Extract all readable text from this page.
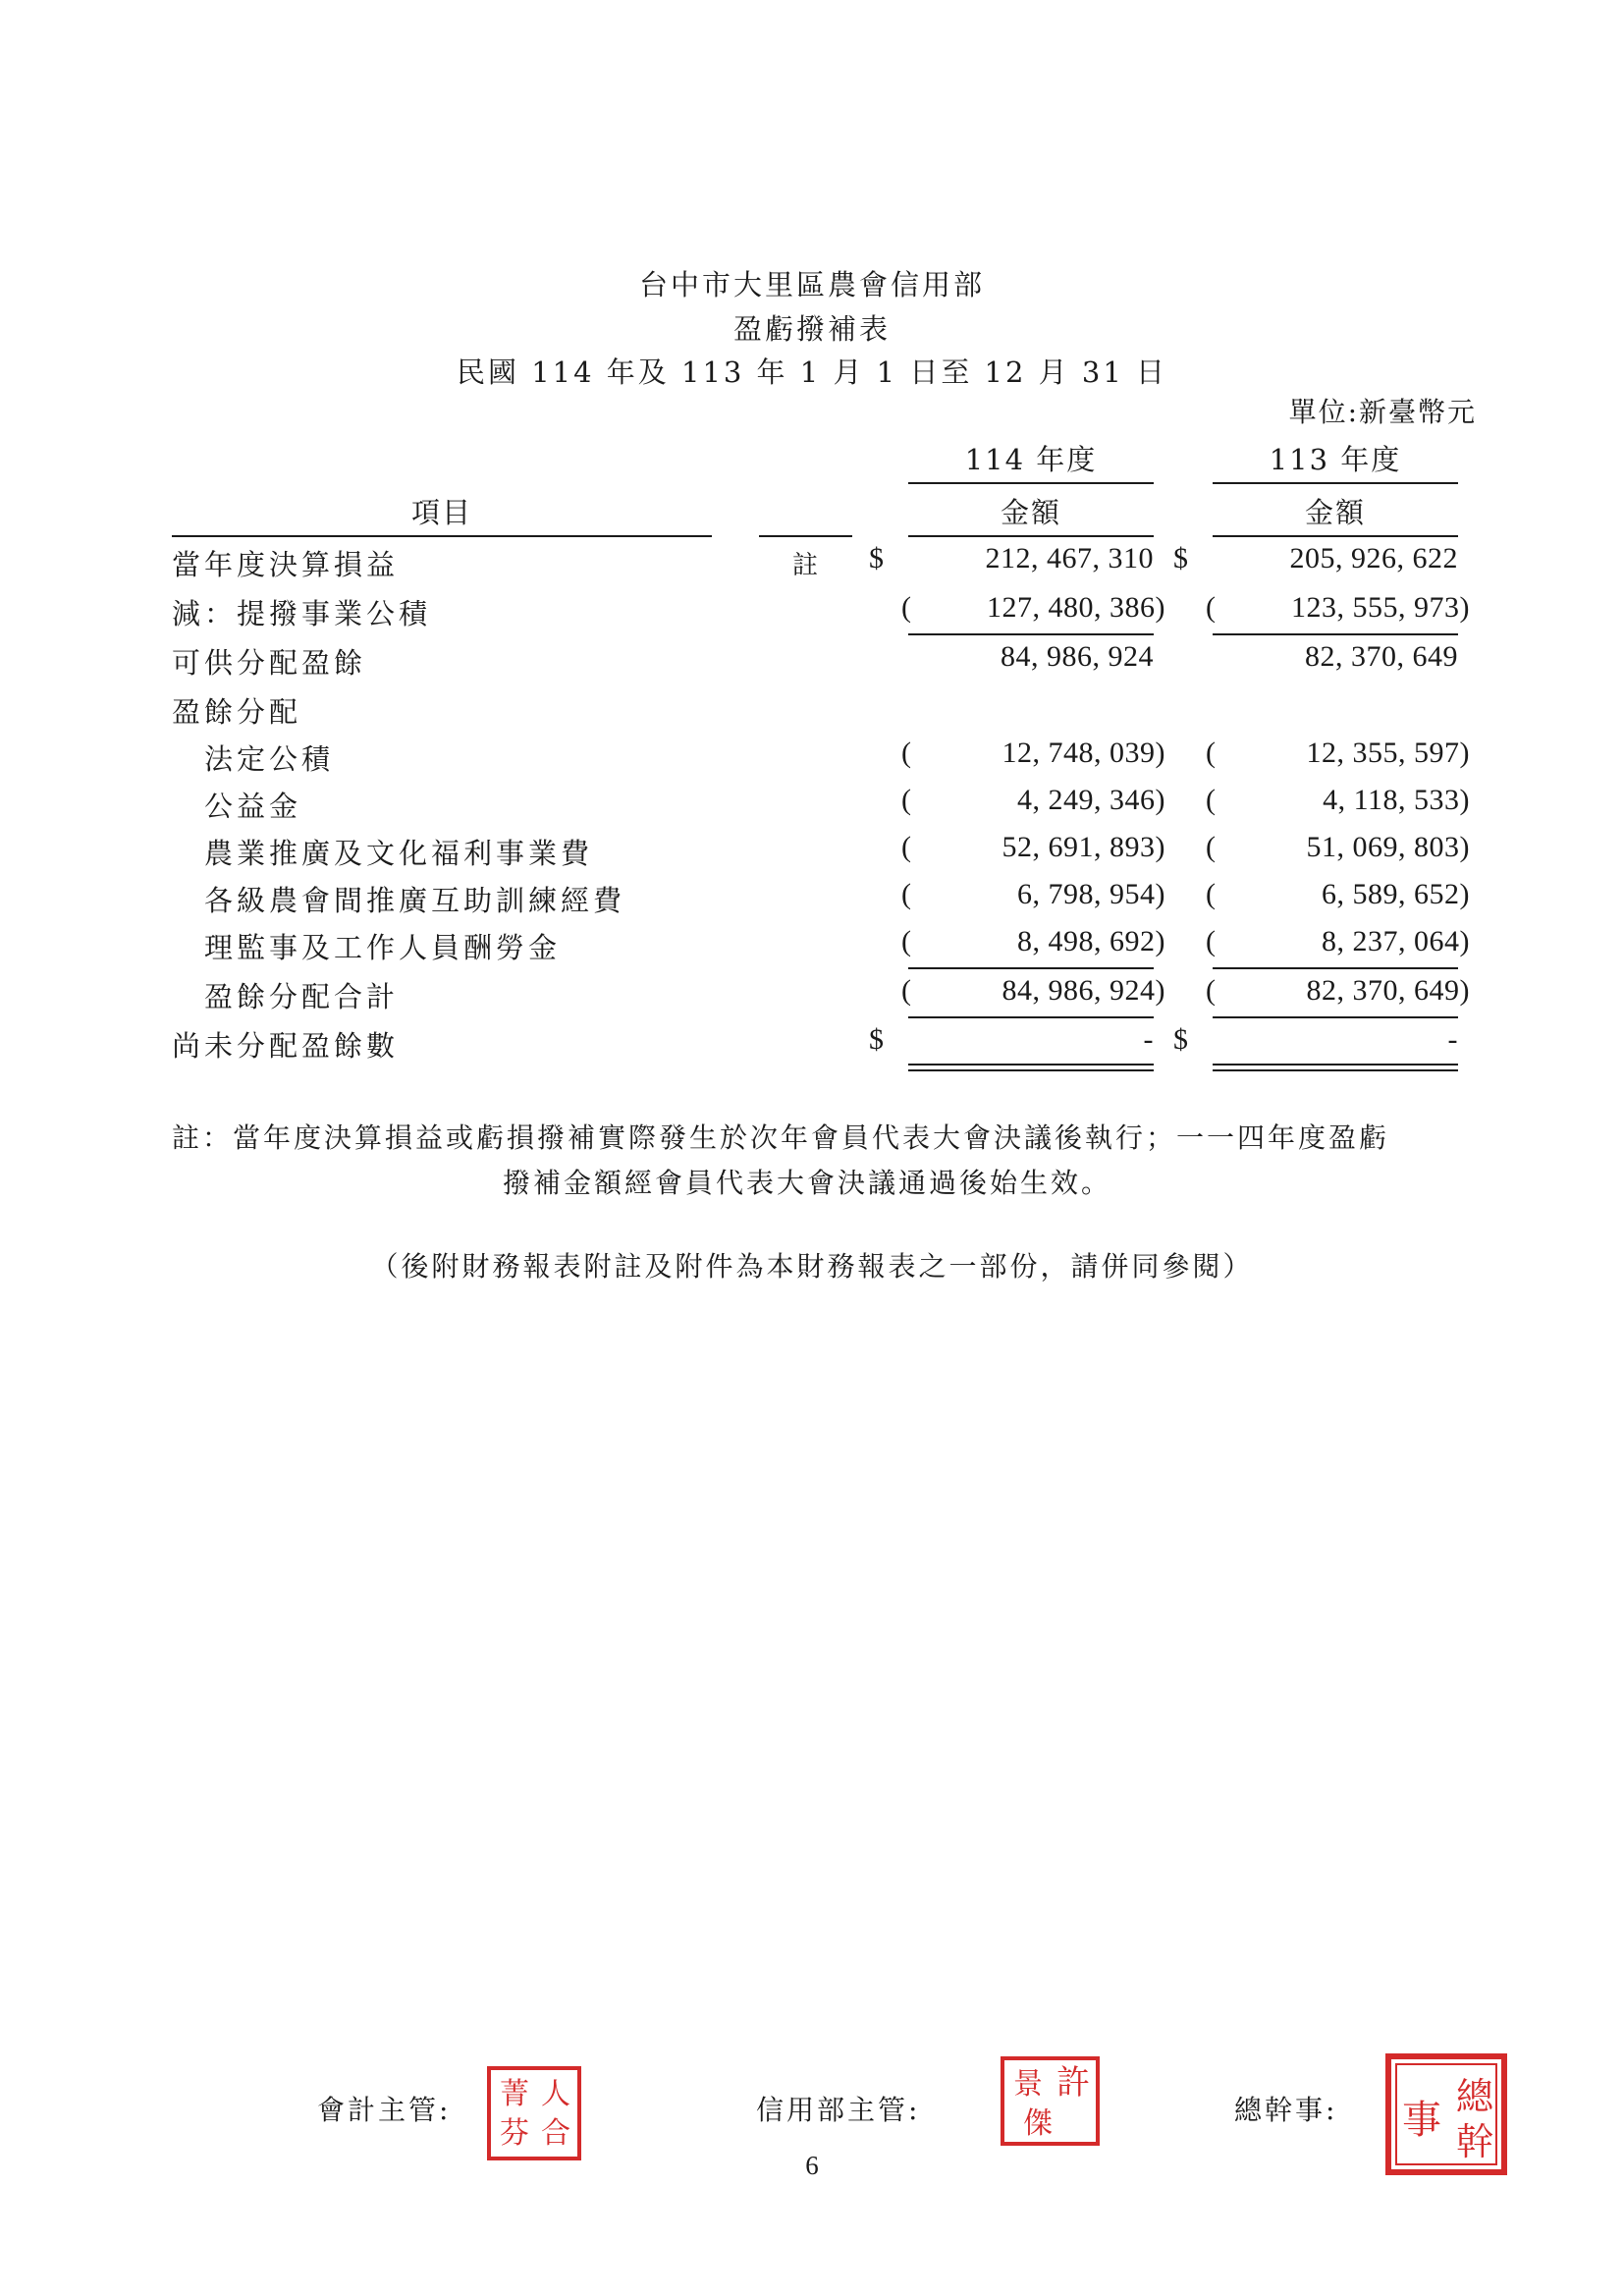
台中市大里區農會信用部
盈虧撥補表
民國 114 年及 113 年 1 月 1 日至 12 月 31 日
單位:新臺幣元
114 年度	113 年度
項目	金額	金額
當年度決算損益	註 $	212, 467, 310 $	205, 926, 622
減：提撥事業公積	(	127, 480, 386) (	123, 555, 973)
可供分配盈餘	84, 986, 924	82, 370, 649
盈餘分配
法定公積	(	12, 748, 039) (	12, 355, 597)
公益金	(	4, 249, 346) (	4, 118, 533)
農業推廣及文化福利事業費	(	52, 691, 893) (	51, 069, 803)
各級農會間推廣互助訓練經費	(	6, 798, 954) (	6, 589, 652)
理監事及工作人員酬勞金	(	8, 498, 692) (	8, 237, 064)
盈餘分配合計	(	84, 986, 924) (	82, 370, 649)
尚未分配盈餘數	$	- $	-
註：當年度決算損益或虧損撥補實際發生於次年會員代表大會決議後執行；一一四年度盈虧
撥補金額經會員代表大會決議通過後始生效。
（後附財務報表附註及附件為本財務報表之一部份，請併同參閱）
會計主管:	信用部主管:	總幹事:
人
合
菁
芬
許
景
傑
總
幹
事
6
